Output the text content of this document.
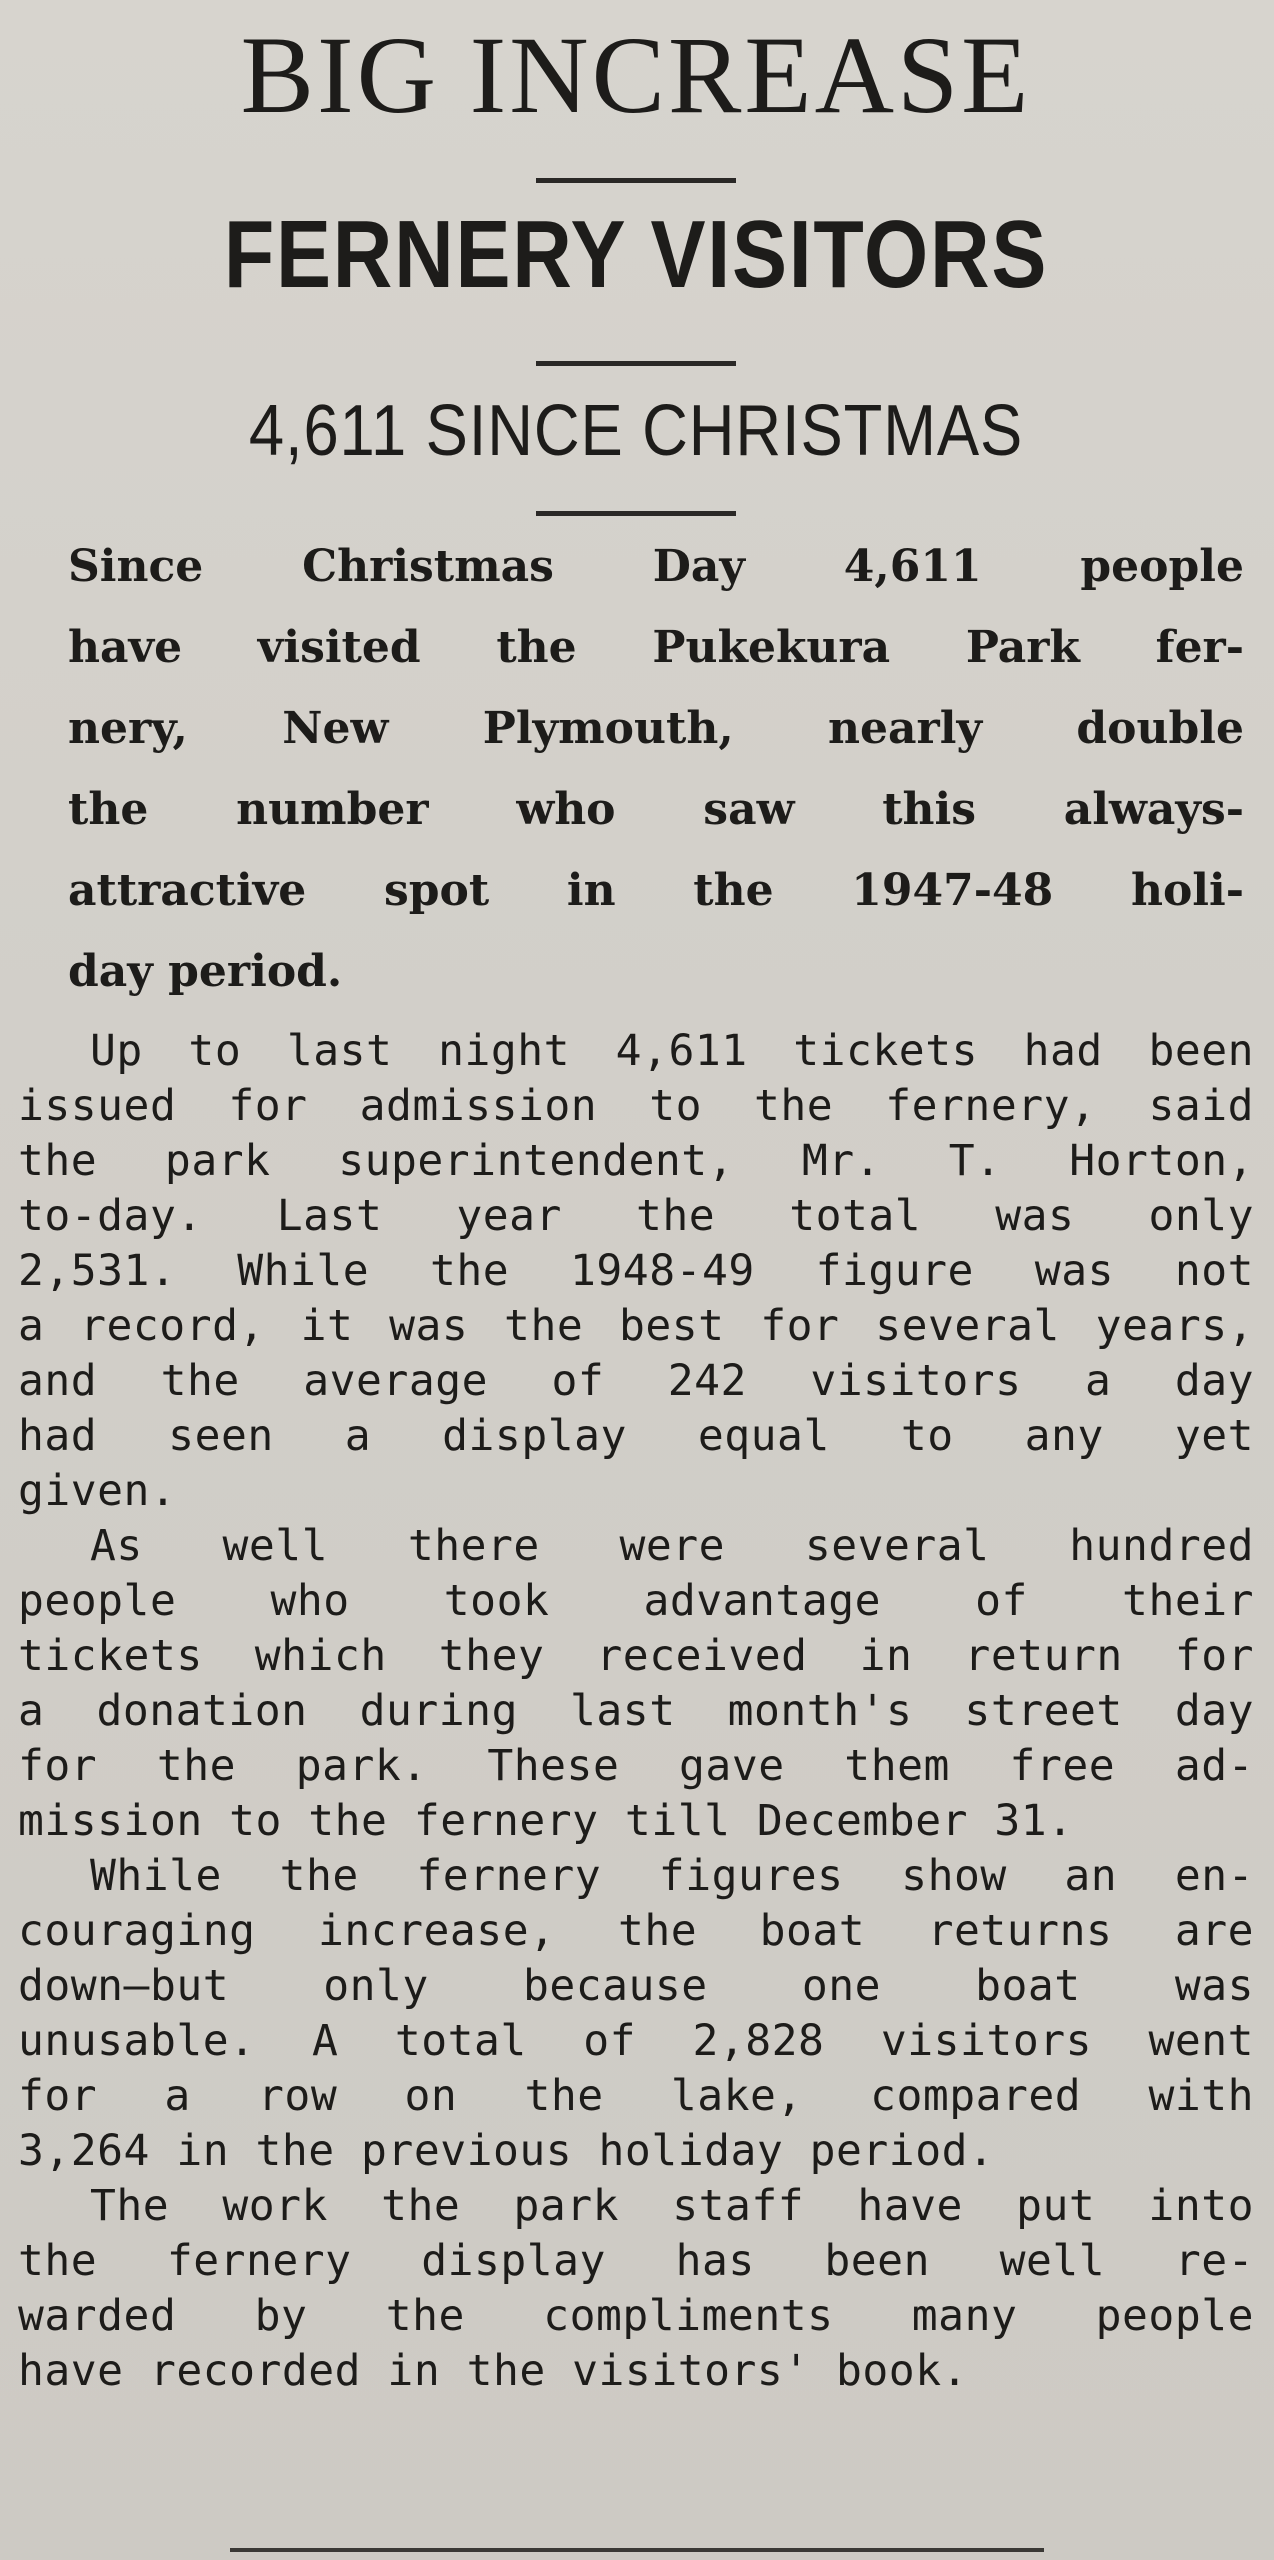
BIG INCREASE
FERNERY VISITORS
4,611 SINCE CHRISTMAS
Since Christmas Day 4,611 people
have visited the Pukekura Park fer-
nery, New Plymouth, nearly double
the number who saw this always-
attractive spot in the 1947-48 holi-
day period.
Up to last night 4,611 tickets had been
issued for admission to the fernery, said
the park superintendent, Mr. T. Horton,
to-day. Last year the total was only
2,531. While the 1948-49 figure was not
a record, it was the best for several years,
and the average of 242 visitors a day
had seen a display equal to any yet
given.
As well there were several hundred
people who took advantage of their
tickets which they received in return for
a donation during last month's street day
for the park. These gave them free ad-
mission to the fernery till December 31.
While the fernery figures show an en-
couraging increase, the boat returns are
down—but only because one boat was
unusable. A total of 2,828 visitors went
for a row on the lake, compared with
3,264 in the previous holiday period.
The work the park staff have put into
the fernery display has been well re-
warded by the compliments many people
have recorded in the visitors' book.
